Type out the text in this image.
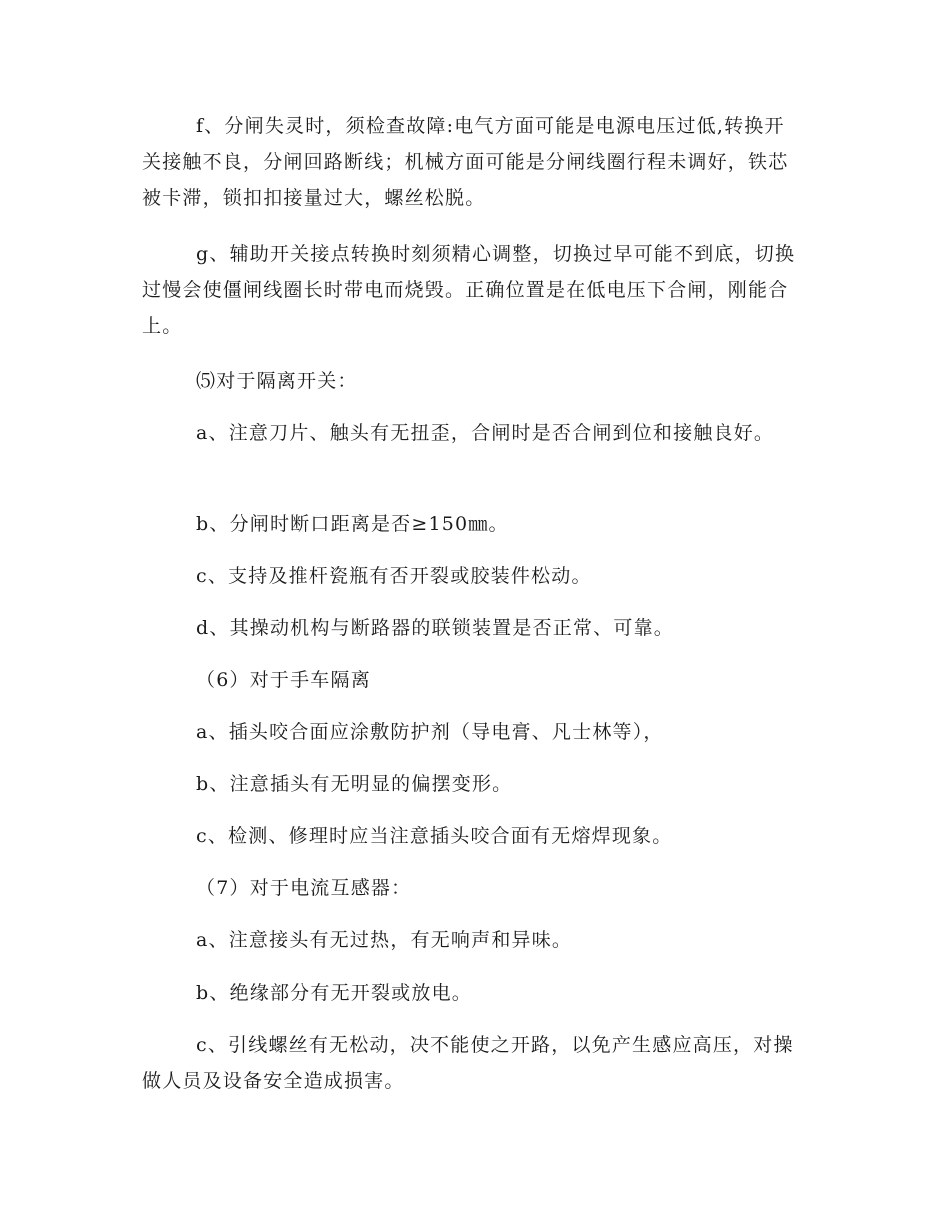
f、分闸失灵时，须检查故障:电气方面可能是电源电压过低,转换开关接触不良，分闸回路断线；机械方面可能是分闸线圈行程未调好，铁芯被卡滞，锁扣扣接量过大，螺丝松脱。

g、辅助开关接点转换时刻须精心调整，切换过早可能不到底，切换过慢会使僵闸线圈长时带电而烧毁。正确位置是在低电压下合闸，刚能合上。

⑸对于隔离开关：

a、注意刀片、触头有无扭歪，合闸时是否合闸到位和接触良好。

b、分闸时断口距离是否≥150㎜。

c、支持及推杆瓷瓶有否开裂或胶装件松动。

d、其操动机构与断路器的联锁装置是否正常、可靠。

（6）对于手车隔离

a、插头咬合面应涂敷防护剂（导电膏、凡士林等），

b、注意插头有无明显的偏摆变形。

c、检测、修理时应当注意插头咬合面有无熔焊现象。

（7）对于电流互感器：

a、注意接头有无过热，有无响声和异味。

b、绝缘部分有无开裂或放电。

c、引线螺丝有无松动，决不能使之开路，以免产生感应高压，对操做人员及设备安全造成损害。
